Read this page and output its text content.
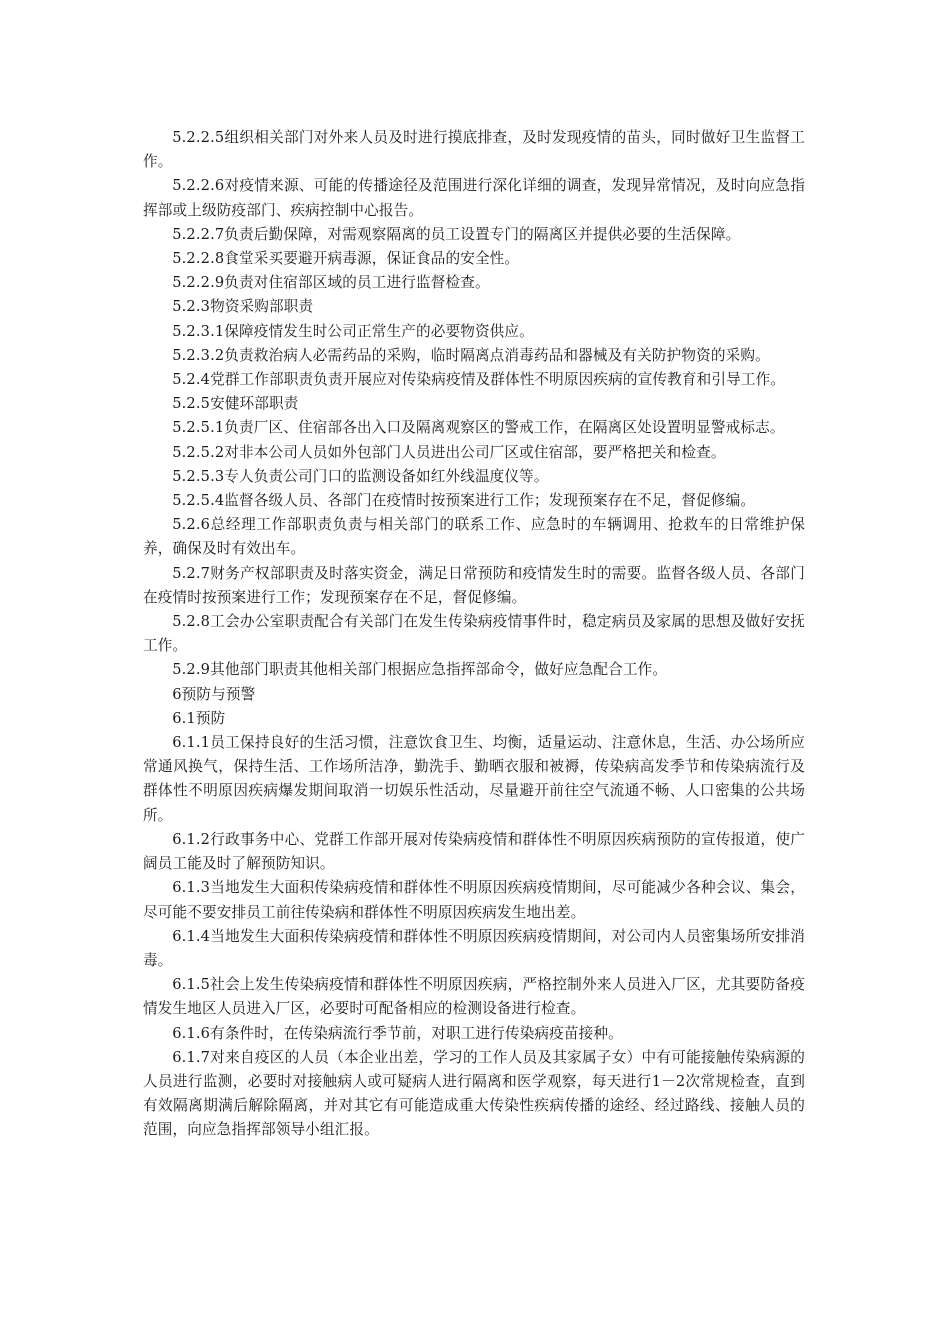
5.2.2.5组织相关部门对外来人员及时进行摸底排查，及时发现疫情的苗头，同时做好卫生监督工作。

5.2.2.6对疫情来源、可能的传播途径及范围进行深化详细的调查，发现异常情况，及时向应急指挥部或上级防疫部门、疾病控制中心报告。

5.2.2.7负责后勤保障，对需观察隔离的员工设置专门的隔离区并提供必要的生活保障。

5.2.2.8食堂采买要避开病毒源，保证食品的安全性。

5.2.2.9负责对住宿部区域的员工进行监督检查。

5.2.3物资采购部职责

5.2.3.1保障疫情发生时公司正常生产的必要物资供应。

5.2.3.2负责救治病人必需药品的采购，临时隔离点消毒药品和器械及有关防护物资的采购。

5.2.4党群工作部职责负责开展应对传染病疫情及群体性不明原因疾病的宣传教育和引导工作。

5.2.5安健环部职责

5.2.5.1负责厂区、住宿部各出入口及隔离观察区的警戒工作，在隔离区处设置明显警戒标志。

5.2.5.2对非本公司人员如外包部门人员进出公司厂区或住宿部，要严格把关和检查。

5.2.5.3专人负责公司门口的监测设备如红外线温度仪等。

5.2.5.4监督各级人员、各部门在疫情时按预案进行工作；发现预案存在不足，督促修编。

5.2.6总经理工作部职责负责与相关部门的联系工作、应急时的车辆调用、抢救车的日常维护保养，确保及时有效出车。

5.2.7财务产权部职责及时落实资金，满足日常预防和疫情发生时的需要。监督各级人员、各部门在疫情时按预案进行工作；发现预案存在不足，督促修编。

5.2.8工会办公室职责配合有关部门在发生传染病疫情事件时，稳定病员及家属的思想及做好安抚工作。

5.2.9其他部门职责其他相关部门根据应急指挥部命令，做好应急配合工作。

6预防与预警

6.1预防

6.1.1员工保持良好的生活习惯，注意饮食卫生、均衡，适量运动、注意休息，生活、办公场所应常通风换气，保持生活、工作场所洁净，勤洗手、勤晒衣服和被褥，传染病高发季节和传染病流行及群体性不明原因疾病爆发期间取消一切娱乐性活动，尽量避开前往空气流通不畅、人口密集的公共场所。

6.1.2行政事务中心、党群工作部开展对传染病疫情和群体性不明原因疾病预防的宣传报道，使广阔员工能及时了解预防知识。

6.1.3当地发生大面积传染病疫情和群体性不明原因疾病疫情期间，尽可能减少各种会议、集会，尽可能不要安排员工前往传染病和群体性不明原因疾病发生地出差。

6.1.4当地发生大面积传染病疫情和群体性不明原因疾病疫情期间，对公司内人员密集场所安排消毒。

6.1.5社会上发生传染病疫情和群体性不明原因疾病，严格控制外来人员进入厂区，尤其要防备疫情发生地区人员进入厂区，必要时可配备相应的检测设备进行检查。

6.1.6有条件时，在传染病流行季节前，对职工进行传染病疫苗接种。

6.1.7对来自疫区的人员（本企业出差，学习的工作人员及其家属子女）中有可能接触传染病源的人员进行监测，必要时对接触病人或可疑病人进行隔离和医学观察，每天进行1－2次常规检查，直到有效隔离期满后解除隔离，并对其它有可能造成重大传染性疾病传播的途经、经过路线、接触人员的范围，向应急指挥部领导小组汇报。
